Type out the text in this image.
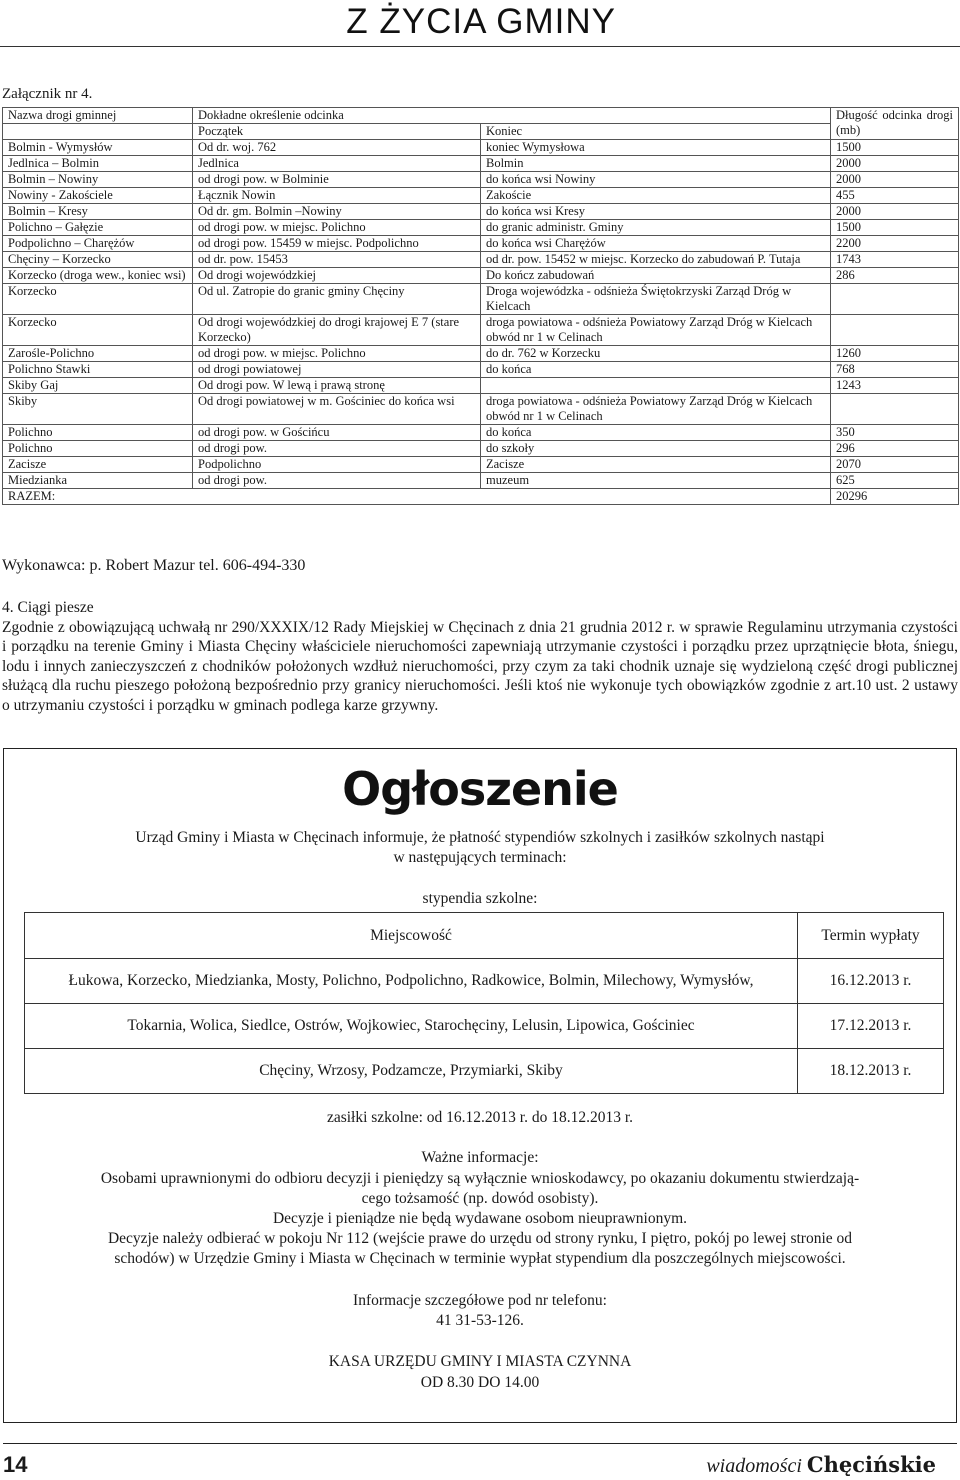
Z ŻYCIA GMINY
Załącznik nr 4.
Nazwa drogi gminnej	Dokładne określenie odcinka		Długość odcinka drogi (mb)
	Początek	Koniec	
Bolmin - Wymysłów	Od dr. woj. 762	koniec Wymysłowa	1500
Jedlnica – Bolmin	Jedlnica	Bolmin	2000
Bolmin – Nowiny	od drogi pow. w Bolminie	do końca wsi Nowiny	2000
Nowiny - Zakościele	Łącznik Nowin	Zakoście	455
Bolmin – Kresy	Od dr. gm. Bolmin –Nowiny	do końca wsi Kresy	2000
Polichno – Gałęzie	od drogi pow. w miejsc. Polichno	do granic administr. Gminy	1500
Podpolichno – Charężów	od drogi pow. 15459 w miejsc. Podpolichno	do końca wsi Charężów	2200
Chęciny – Korzecko	od dr. pow. 15453	od dr. pow. 15452 w miejsc. Korzecko do zabudowań P. Tutaja	1743
Korzecko (droga wew., koniec wsi)	Od drogi wojewódzkiej	Do kończ zabudowań	286
Korzecko	Od ul. Zatropie do granic gminy Chęciny	Droga wojewódzka - odśnieża Świętokrzyski Zarząd Dróg w Kielcach	
Korzecko	Od drogi wojewódzkiej do drogi krajowej E 7 (stare Korzecko)	droga powiatowa - odśnieża Powiatowy Zarząd Dróg w Kielcach obwód nr 1 w Celinach	
Zarośle-Polichno	od drogi pow. w miejsc. Polichno	do dr. 762 w Korzecku	1260
Polichno Stawki	od drogi powiatowej	do końca	768
Skiby Gaj	Od drogi pow. W lewą i prawą stronę		1243
Skiby	Od drogi powiatowej w m. Gościniec do końca wsi	droga powiatowa - odśnieża Powiatowy Zarząd Dróg w Kielcach obwód nr 1 w Celinach	
Polichno	od drogi pow. w Gościńcu	do końca	350
Polichno	od drogi pow.	do szkoły	296
Zacisze	Podpolichno	Zacisze	2070
Miedzianka	od drogi pow.	muzeum	625
RAZEM:			20296
Wykonawca: p. Robert Mazur tel. 606-494-330
4. Ciągi piesze
Zgodnie z obowiązującą uchwałą nr 290/XXXIX/12 Rady Miejskiej w Chęcinach z dnia 21 grudnia 2012 r. w sprawie Regulaminu utrzymania czystości i porządku na terenie Gminy i Miasta Chęciny właściciele nieruchomości zapewniają utrzymanie czystości i porządku przez uprzątnięcie błota, śniegu, lodu i innych zanieczyszczeń z chodników położonych wzdłuż nieruchomości, przy czym za taki chodnik uznaje się wydzieloną część drogi publicznej służącą dla ruchu pieszego położoną bezpośrednio przy granicy nieruchomości. Jeśli ktoś nie wykonuje tych obowiązków zgodnie z art.10 ust. 2 ustawy o utrzymaniu czystości i porządku w gminach podlega karze grzywny.
Ogłoszenie
Urząd Gminy i Miasta w Chęcinach informuje, że płatność stypendiów szkolnych i zasiłków szkolnych nastąpi
w następujących terminach:
stypendia szkolne:
Miejscowość	Termin wypłaty
Łukowa, Korzecko, Miedzianka, Mosty, Polichno, Podpolichno, Radkowice, Bolmin, Milechowy, Wymysłów,	16.12.2013 r.
Tokarnia, Wolica, Siedlce, Ostrów, Wojkowiec, Starochęciny, Lelusin, Lipowica, Gościniec	17.12.2013 r.
Chęciny, Wrzosy, Podzamcze, Przymiarki, Skiby	18.12.2013 r.
zasiłki szkolne: od 16.12.2013 r. do 18.12.2013 r.
Ważne informacje:
Osobami uprawnionymi do odbioru decyzji i pieniędzy są wyłącznie wnioskodawcy, po okazaniu dokumentu stwierdzają-
cego tożsamość (np. dowód osobisty).
Decyzje i pieniądze nie będą wydawane osobom nieuprawnionym.
Decyzje należy odbierać w pokoju Nr 112 (wejście prawe do urzędu od strony rynku, I piętro, pokój po lewej stronie od
schodów) w Urzędzie Gminy i Miasta w Chęcinach w terminie wypłat stypendium dla poszczególnych miejscowości.
Informacje szczegółowe pod nr telefonu:
41 31-53-126.
KASA URZĘDU GMINY I MIASTA CZYNNA
OD 8.30 DO 14.00
14	wiadomości Chęcińskie
